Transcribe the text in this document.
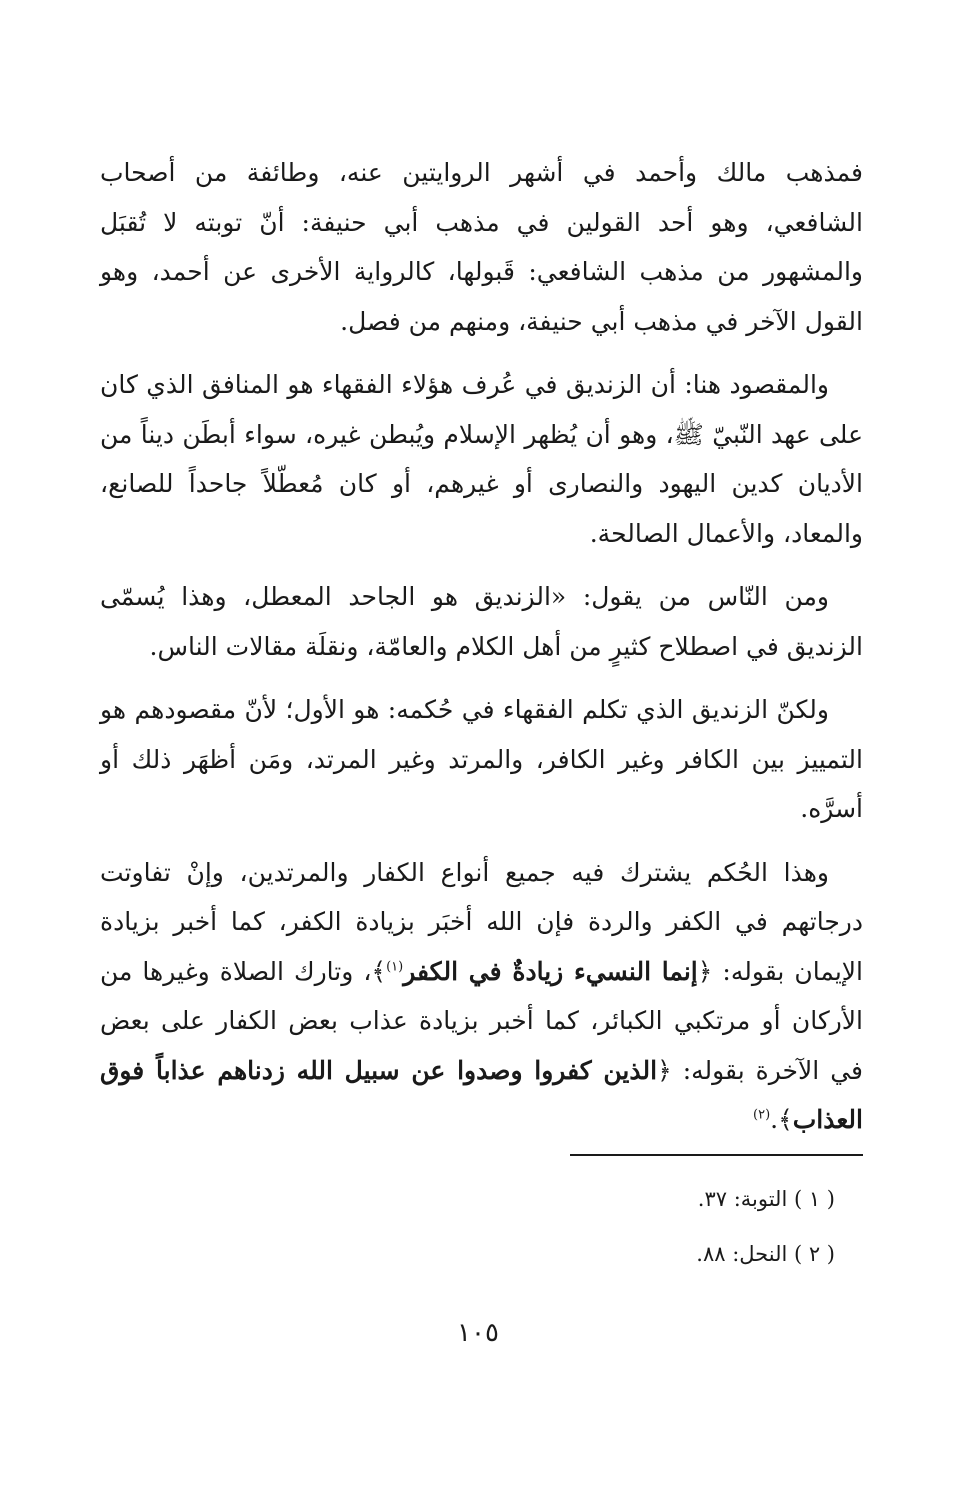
فمذهب مالك وأحمد في أشهر الروايتين عنه، وطائفة من أصحاب الشافعي، وهو أحد القولين في مذهب أبي حنيفة: أنّ توبته لا تُقبَل والمشهور من مذهب الشافعي: قَبولها، كالرواية الأخرى عن أحمد، وهو القول الآخر في مذهب أبي حنيفة، ومنهم من فصل.

والمقصود هنا: أن الزنديق في عُرف هؤلاء الفقهاء هو المنافق الذي كان على عهد النّبيّ ﷺ، وهو أن يُظهر الإسلام ويُبطن غيره، سواء أبطَن ديناً من الأديان كدين اليهود والنصارى أو غيرهم، أو كان مُعطّلاً جاحداً للصانع، والمعاد، والأعمال الصالحة.

ومن النّاس من يقول: «الزنديق هو الجاحد المعطل، وهذا يُسمّى الزنديق في اصطلاح كثيرٍ من أهل الكلام والعامّة، ونقلَة مقالات الناس.

ولكنّ الزنديق الذي تكلم الفقهاء في حُكمه: هو الأول؛ لأنّ مقصودهم هو التمييز بين الكافر وغير الكافر، والمرتد وغير المرتد، ومَن أظهَر ذلك أو أسرَّه.

وهذا الحُكم يشترك فيه جميع أنواع الكفار والمرتدين، وإنْ تفاوتت درجاتهم في الكفر والردة فإن الله أخبَر بزيادة الكفر، كما أخبر بزيادة الإيمان بقوله: ﴿إنما النسيء زيادةٌ في الكفر$^{(١)}$﴾، وتارك الصلاة وغيرها من الأركان أو مرتكبي الكبائر، كما أخبر بزيادة عذاب بعض الكفار على بعض في الآخرة بقوله: ﴿الذين كفروا وصدوا عن سبيل الله زدناهم عذاباً فوق العذاب﴾.$^{(٢)}$

( ١ ) التوبة: ٣٧.
( ٢ ) النحل: ٨٨.
١٠٥
